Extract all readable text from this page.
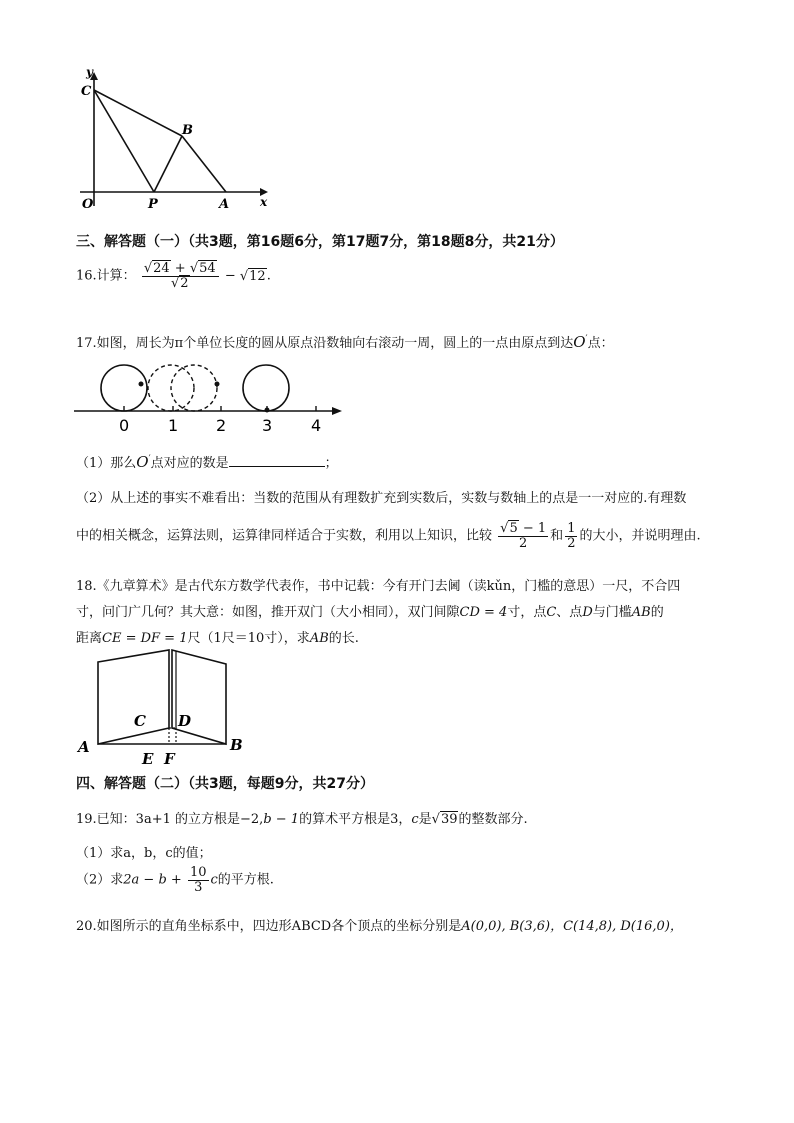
y
C
B
O	P	A	x
三、解答题（一）（共3题，第16题6分，第17题7分，第18题8分，共21分）
16.计算： $\frac{√24 + √54}{√2} - √12$.
17.如图，周长为π个单位长度的圆从原点沿数轴向右滚动一周，圆上的一点由原点到达O′点：
0 1 2 3 4
（1）那么O′点对应的数是	；
（2）从上述的事实不难看出：当数的范围从有理数扩充到实数后，实数与数轴上的点是一一对应的.有理数
中的相关概念，运算法则，运算律同样适合于实数，利用以上知识，比较 $\frac{√5 - 1}{2}$ 和 $\frac{1}{2}$ 的大小，并说明理由.
18.《九章算术》是古代东方数学代表作，书中记载：今有开门去阃（读kǔn，门槛的意思）一尺，不合四
寸，问门广几何？其大意：如图，推开双门（大小相同），双门间隙CD = 4寸，点C、点D与门槛AB的
距离CE = DF = 1尺（1尺＝10寸），求AB的长.
A	B
C D
E F
四、解答题（二）（共3题，每题9分，共27分）
19.已知：3a+1 的立方根是−2,b − 1的算术平方根是3，c是√39的整数部分.
（1）求a，b，c的值；
（2）求$2a - b + \frac{10}{3}$ c的平方根.
20.如图所示的直角坐标系中，四边形ABCD各个顶点的坐标分别是A(0,0), B(3,6)，C(14,8), D(16,0)，
